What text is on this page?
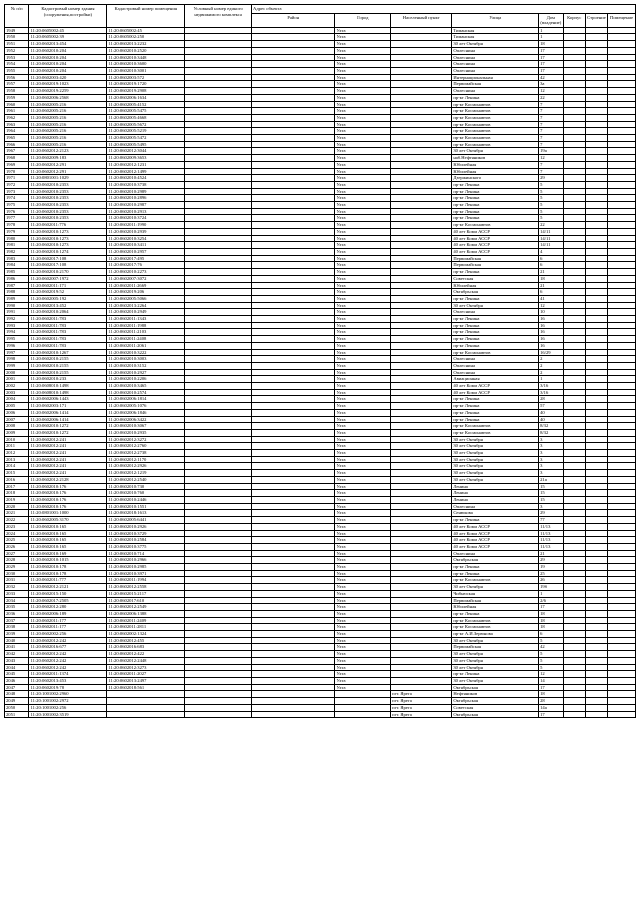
№ п/п	Кадастровый номер здания (сооружения,постройки)	Кадастровый номер помещения	Условный номер единого недвижимого комплекса	Адрес объекта							
				Район	Город	Населенный пункт	Улица	Дом (владение)	Корпус	Строение	Помещение
1949	11:20:0605002:45	11:20:0605002:45			Ухта		Тиманская	1			
1950	11:20:0605002:39	11:20:0605002:250			Ухта		Тиманская	1			
1951	11:20:0602013:454	11:20:0602013:2232			Ухта		30 лет Октября	18			
1952	11:20:0602010:204	11:20:0602010:2520			Ухта		Оплеснина	17			
1953	11:20:0602010:204	11:20:0602010:3448			Ухта		Оплеснина	17			
1954	11:20:0602010:204	11:20:0602010:3600			Ухта		Оплеснина	17			
1955	11:20:0602010:204	11:20:0602010:3001			Ухта		Оплеснина	17			
1956	11:20:0602003:420	11:20:0602003:572			Ухта		Интернациональная	42			
1957	11:20:0602019:1023	11:20:0602019:1720			Ухта		Первомайская	3а			
1958	11:20:0602019:2259	11:20:0602019:2908			Ухта		Оплеснина	12			
1959	11:20:0602006:2568	11:20:0602006:1634			Ухта		пр-кт Ленина	22			
1960	11:20:0602005:216	11:20:0602005:4152			Ухта		пр-кт Космонавтов	7			
1961	11:20:0602005:216	11:20:0602005:5475			Ухта		пр-кт Космонавтов	7			
1962	11:20:0602005:216	11:20:0602005:4668			Ухта		пр-кт Космонавтов	7			
1963	11:20:0602005:216	11:20:0602005:5672			Ухта		пр-кт Космонавтов	7			
1964	11:20:0602005:216	11:20:0602005:5219			Ухта		пр-кт Космонавтов	7			
1965	11:20:0602005:216	11:20:0602005:5472			Ухта		пр-кт Космонавтов	7			
1966	11:20:0602005:216	11:20:0602005:5495			Ухта		пр-кт Космонавтов	7			
1967	11:20:0602012:2123	11:20:0602012:3044			Ухта		30 лет Октября	19а			
1968	11:20:0602009:183	11:20:0602009:3653			Ухта		наб.Нефтяников	12			
1969	11:20:0602012:291	11:20:0602012:1231			Ухта		Юбилейная	7			
1970	11:20:0602012:291	11:20:0602012:1499			Ухта		Юбилейная	7			
1971	11:20:0801001:1029	11:20:0602010:4524			Ухта		Дзержинского	29			
1972	11:20:0602010:2353	11:20:0602010:3738			Ухта		пр-кт Ленина	5			
1973	11:20:0602010:2353	11:20:0602010:2989			Ухта		пр-кт Ленина	5			
1974	11:20:0602010:2353	11:20:0602010:2896			Ухта		пр-кт Ленина	5			
1975	11:20:0602010:2353	11:20:0602010:2987			Ухта		пр-кт Ленина	5			
1976	11:20:0602010:2353	11:20:0602010:2913			Ухта		пр-кт Ленина	5			
1977	11:20:0602010:2353	11:20:0602010:3724			Ухта		пр-кт Ленина	5			
1978	11:20:0602011:776	11:20:0602011:1990			Ухта		пр-кт Космонавтов	22			
1979	11:20:0602010:1273	11:20:0602010:2939			Ухта		40 лет Коми АССР	14/11			
1980	11:20:0602010:1273	11:20:0602010:3254			Ухта		40 лет Коми АССР	14/11			
1981	11:20:0602010:1273	11:20:0602010:3411			Ухта		40 лет Коми АССР	14/11			
1982	11:20:0602010:1274	11:20:0602010:2957			Ухта		40 лет Коми АССР	4			
1983	11:20:0602017:108	11:20:0602017:495			Ухта		Первомайская	6			
1984	11:20:0602017:108	11:20:0602017:76			Ухта		Первомайская	6			
1985	11:20:0602010:2170	11:20:0602010:2273			Ухта		пр-кт Ленина	21			
1986	11:20:0602007:1972	11:20:0602007:3072			Ухта		Советская	18			
1987	11:20:0602011:171	11:20:0602011:2669			Ухта		Юбилейная	21			
1988	11:20:0602019:52	11:20:0602019:206			Ухта		Октябрьская	6			
1989	11:20:0602005:192	11:20:0602005:5066			Ухта		пр-кт Ленина	41			
1990	11:20:0602013:452	11:20:0602013:2264			Ухта		30 лет Октября	12			
1991	11:20:0602010:2064	11:20:0602010:2949			Ухта		Оплеснина	10			
1992	11:20:0602011:783	11:20:0602011:1343			Ухта		пр-кт Ленина	16			
1993	11:20:0602011:783	11:20:0602011:1988			Ухта		пр-кт Ленина	16			
1994	11:20:0602011:783	11:20:0602011:2103			Ухта		пр-кт Ленина	16			
1995	11:20:0602011:783	11:20:0602011:2408			Ухта		пр-кт Ленина	16			
1996	11:20:0602011:783	11:20:0602011:2061			Ухта		пр-кт Ленина	16			
1997	11:20:0602010:1267	11:20:0602010:3222			Ухта		пр-кт Космонавтов	16/29			
1998	11:20:0602010:2155	11:20:0602010:3003			Ухта		Оплеснина	2			
1999	11:20:0602010:2155	11:20:0602010:3152			Ухта		Оплеснина	2			
2000	11:20:0602010:2155	11:20:0602010:2927			Ухта		Оплеснина	2			
2001	11:20:0602010:233	11:20:0602010:2206			Ухта		Авиационная	1			
2002	11:20:0608010:1498	11:20:0602010:3465			Ухта		40 лет Коми АССР	3/16			
2003	11:20:0608010:1498	11:20:0602010:2574			Ухта		40 лет Коми АССР	3/16			
2004	11:20:0602006:1443	11:20:0602006:1814			Ухта		пр-кт Ленина	28			
2005	11:20:0602003:171	11:20:0602005:1076			Ухта		пр-кт Ленина	57			
2006	11:20:0602006:1414	11:20:0602006:1846			Ухта		пр-кт Ленина	40			
2007	11:20:0602006:1414	11:20:0602006:3422			Ухта		пр-кт Ленина	40			
2008	11:20:0602010:1272	11:20:0602010:3067			Ухта		пр-кт Космонавтов	8/32			
2009	11:20:0602010:1272	11:20:0602010:2935			Ухта		пр-кт Космонавтов	8/32			
2010	11:20:0602012:241	11:20:0602012:3272			Ухта		30 лет Октября	3			
2011	11:20:0602012:241	11:20:0602012:2760			Ухта		30 лет Октября	3			
2012	11:20:0602012:241	11:20:0602012:2738			Ухта		30 лет Октября	3			
2013	11:20:0602012:241	11:20:0602012:1170			Ухта		30 лет Октября	3			
2014	11:20:0602012:241	11:20:0602012:2926			Ухта		30 лет Октября	3			
2015	11:20:0602012:241	11:20:0602012:1219			Ухта		30 лет Октября	3			
2016	11:20:0602012:2128	11:20:0602012:2540			Ухта		30 лет Октября	21а			
2017	11:20:0602010:176	11:20:0602010:730			Ухта		Ленина	15			
2018	11:20:0602010:176	11:20:0602010:760			Ухта		Ленина	15			
2019	11:20:0602010:176	11:20:0602010:2446			Ухта		Ленина	15			
2020	11:20:0602010:176	11:20:0602010:1551			Ухта		Оплеснина	3			
2021	11:20:0801001:1000	11:20:0602018:1613			Ухта		Сенюкова	29			
2022	11:20:0602005:3170	11:20:0602005:6441			Ухта		пр-кт Ленина	77			
2023	11:20:0602010:165	11:20:0602010:2926			Ухта		40 лет Коми АССР	11/13			
2024	11:20:0602010:165	11:20:0602010:3729			Ухта		40 лет Коми АССР	11/13			
2025	11:20:0602010:165	11:20:0602010:2584			Ухта		40 лет Коми АССР	11/13			
2026	11:20:0602010:165	11:20:0602010:3775			Ухта		40 лет Коми АССР	11/13			
2027	11:20:0602010:169	11:20:0602010:714			Ухта		Оплеснина	21			
2028	11:20:0602010:1015	11:20:0602010:2966			Ухта		Октябрьская	29			
2029	11:20:0602010:178	11:20:0602010:2985			Ухта		пр-кт Ленина	19			
2030	11:20:0602010:178	11:20:0602010:3971			Ухта		пр-кт Ленина	25			
2031	11:20:0602011:777	11:20:0602011:1994			Ухта		пр-кт Космонавтов	26			
2032	11:20:0602012:2121	11:20:0602012:2558			Ухта		30 лет Октября	19б			
2033	11:20:0602015:150	11:20:0602015:2117			Ухта		Чибьюская	1			
2034	11:20:0602017:2505	11:20:0602017:610			Ухта		Первомайская	2/6			
2035	11:20:0602012:280	11:20:0602012:2549			Ухта		Юбилейная	17			
2036	11:20:0602006:189	11:20:0602006:1388			Ухта		пр-кт Ленина	18			
2037	11:20:0602011:177	11:20:0602011:2409			Ухта		пр-кт Космонавтов	18			
2038	11:20:0602011:177	11:20:0602011:2811			Ухта		пр-кт Космонавтов	18			
2039	11:20:0602002:256	11:20:0602002:1324			Ухта		пр-кт А.И.Зерюнова	6			
2040	11:20:0602012:242	11:20:0602012:455			Ухта		30 лет Октября	5			
2041	11:20:0602016:677	11:20:0602016:683			Ухта		Первомайская	42			
2042	11:20:0602012:242	11:20:0602012:422			Ухта		30 лет Октября	5			
2043	11:20:0602012:242	11:20:0602012:2448			Ухта		30 лет Октября	5			
2044	11:20:0602012:242	11:20:0602012:3273			Ухта		30 лет Октября	5			
2045	11:20:0602011:1374	11:20:0602011:2027			Ухта		пр-кт Ленина	12			
2046	11:20:0602013:453	11:20:0602013:2497			Ухта		30 лет Октября	14			
2047	11:20:0602019:78	11:20:0602018:561			Ухта		Октябрьская	17			
2048	11:20:1001002:2960					пгт. Ярега	Нефтяников	18			
2049	11:20:1001002:2972					пгт. Ярега	Октябрьская	28			
2050	11:20:1001002:256					пгт. Ярега	Советская	14а			
2051	11:20:1001002:3519					пгт. Ярега	Октябрьская	17			
